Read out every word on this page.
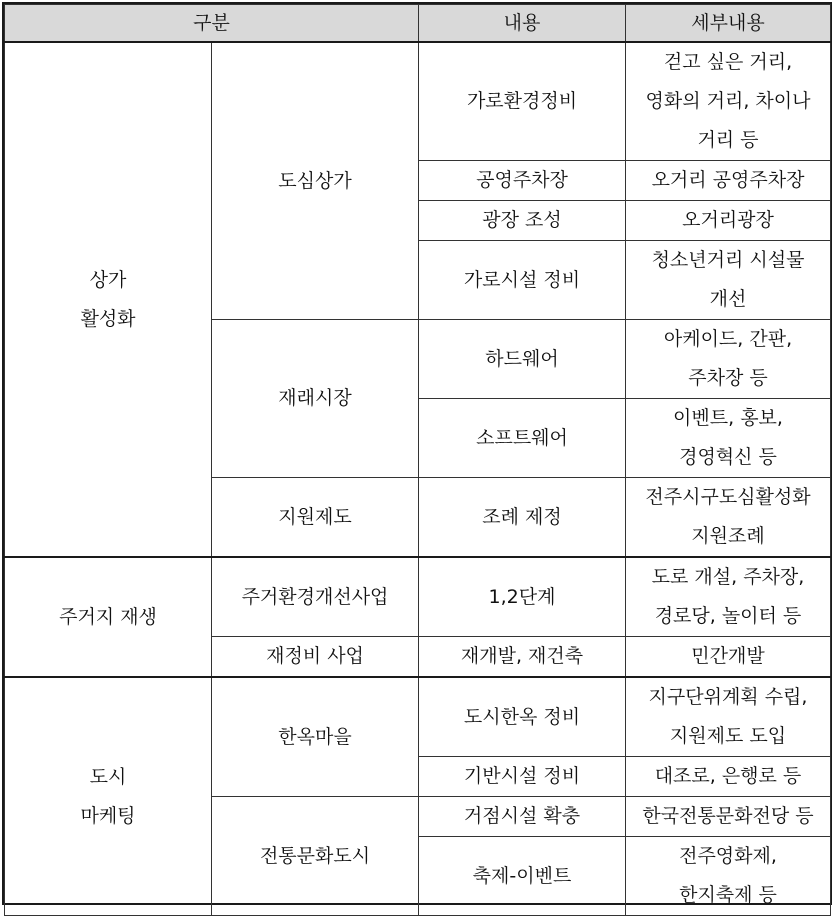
구분		내용	세부내용
상가
활성화	도심상가	가로환경정비	걷고 싶은 거리,
영화의 거리, 차이나
거리 등
		공영주차장	오거리 공영주차장
		광장 조성	오거리광장
		가로시설 정비	청소년거리 시설물
개선
	재래시장	하드웨어	아케이드, 간판,
주차장 등
		소프트웨어	이벤트, 홍보,
경영혁신 등
	지원제도	조례 제정	전주시구도심활성화
지원조례
주거지 재생	주거환경개선사업	1,2단계	도로 개설, 주차장,
경로당, 놀이터 등
	재정비 사업	재개발, 재건축	민간개발
도시
마케팅	한옥마을	도시한옥 정비	지구단위계획 수립,
지원제도 도입
		기반시설 정비	대조로, 은행로 등
	전통문화도시	거점시설 확충	한국전통문화전당 등
		축제-이벤트	전주영화제,
한지축제 등
